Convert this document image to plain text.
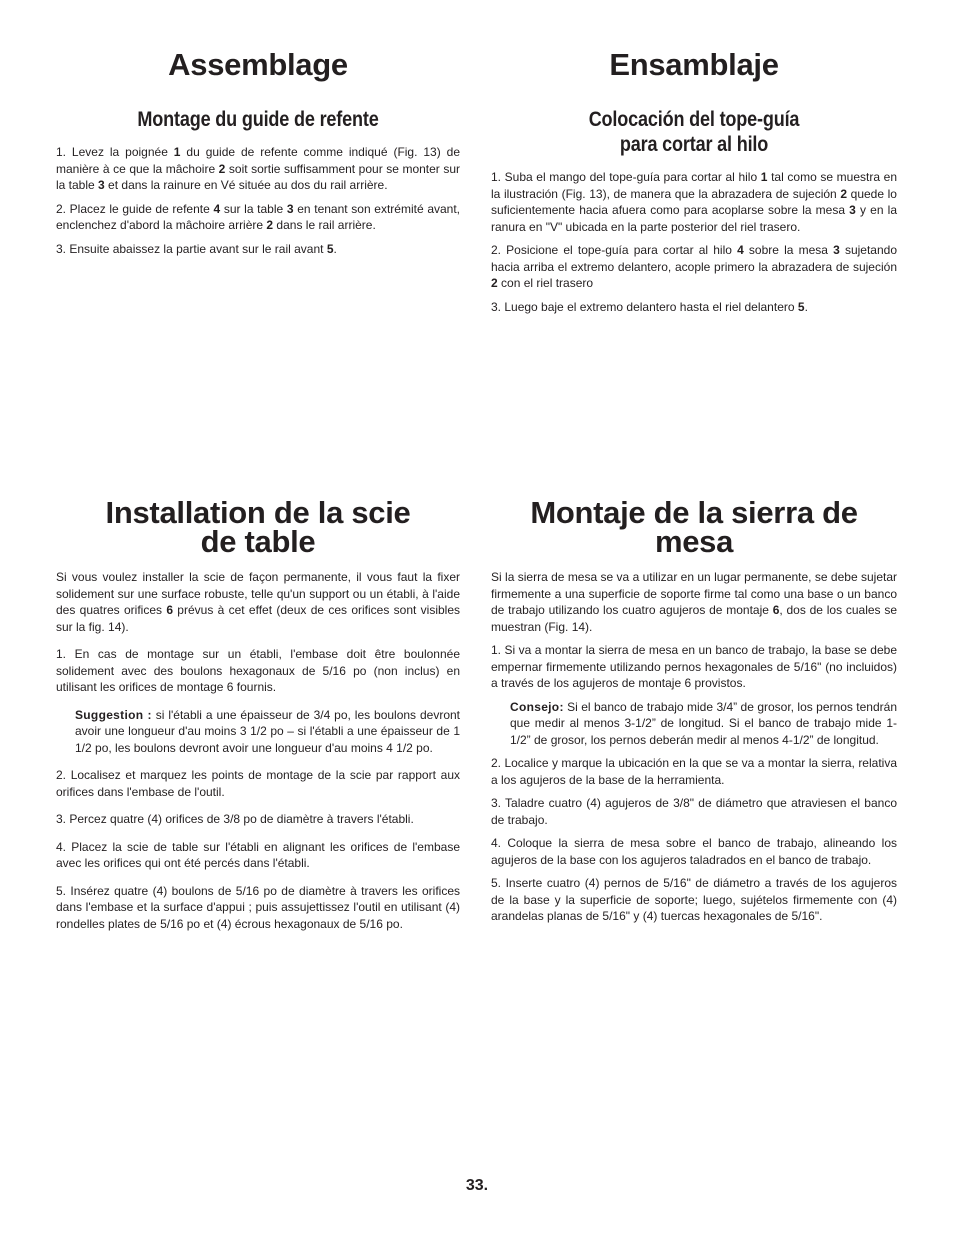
Assemblage
Montage du guide de refente

1. Levez la poignée 1 du guide de refente comme indiqué (Fig. 13) de manière à ce que la mâchoire 2 soit sortie suffisamment pour se monter sur la table 3 et dans la rainure en Vé située au dos du rail arrière.

2. Placez le guide de refente 4 sur la table 3 en tenant son extrémité avant, enclenchez d'abord la mâchoire arrière 2 dans le rail arrière.

3. Ensuite abaissez la partie avant sur le rail avant 5.

Ensamblaje
Colocación del tope-guía
para cortar al hilo

1. Suba el mango del tope-guía para cortar al hilo 1 tal como se muestra en la ilustración (Fig. 13), de manera que la abrazadera de sujeción 2 quede lo suficientemente hacia afuera como para acoplarse sobre la mesa 3 y en la ranura en "V" ubicada en la parte posterior del riel trasero.

2. Posicione el tope-guía para cortar al hilo 4 sobre la mesa 3 sujetando hacia arriba el extremo delantero, acople primero la abrazadera de sujeción 2 con el riel trasero

3. Luego baje el extremo delantero hasta el riel delantero 5.

Installation de la scie
de table

Si vous voulez installer la scie de façon permanente, il vous faut la fixer solidement sur une surface robuste, telle qu'un support ou un établi, à l'aide des quatres orifices 6 prévus à cet effet (deux de ces orifices sont visibles sur la fig. 14).

1. En cas de montage sur un établi, l'embase doit être boulonnée solidement avec des boulons hexagonaux de 5/16 po (non inclus) en utilisant les orifices de montage 6 fournis.

Suggestion : si l'établi a une épaisseur de 3/4 po, les boulons devront avoir une longueur d'au moins 3 1/2 po – si l'établi a une épaisseur de 1 1/2 po, les boulons devront avoir une longueur d'au moins 4 1/2 po.

2. Localisez et marquez les points de montage de la scie par rapport aux orifices dans l'embase de l'outil.

3. Percez quatre (4) orifices de 3/8 po de diamètre à travers l'établi.

4. Placez la scie de table sur l'établi en alignant les orifices de l'embase avec les orifices qui ont été percés dans l'établi.

5. Insérez quatre (4) boulons de 5/16 po de diamètre à travers les orifices dans l'embase et la surface d'appui ; puis assujettissez l'outil en utilisant (4) rondelles plates de 5/16 po et (4) écrous hexagonaux de 5/16 po.

Montaje de la sierra de
mesa

Si la sierra de mesa se va a utilizar en un lugar permanente, se debe sujetar firmemente a una superficie de soporte firme tal como una base o un banco de trabajo utilizando los cuatro agujeros de montaje 6, dos de los cuales se muestran (Fig. 14).

1. Si va a montar la sierra de mesa en un banco de trabajo, la base se debe empernar firmemente utilizando pernos hexagonales de 5/16" (no incluidos) a través de los agujeros de montaje 6 provistos.

Consejo: Si el banco de trabajo mide 3/4” de grosor, los pernos tendrán que medir al menos 3-1/2” de longitud. Si el banco de trabajo mide 1-1/2” de grosor, los pernos deberán medir al menos 4-1/2” de longitud.

2. Localice y marque la ubicación en la que se va a montar la sierra, relativa a los agujeros de la base de la herramienta.

3. Taladre cuatro (4) agujeros de 3/8" de diámetro que atraviesen el banco de trabajo.

4. Coloque la sierra de mesa sobre el banco de trabajo, alineando los agujeros de la base con los agujeros taladrados en el banco de trabajo.

5. Inserte cuatro (4) pernos de 5/16" de diámetro a través de los agujeros de la base y la superficie de soporte; luego, sujételos firmemente con (4) arandelas planas de 5/16" y (4) tuercas hexagonales de 5/16".

33.
